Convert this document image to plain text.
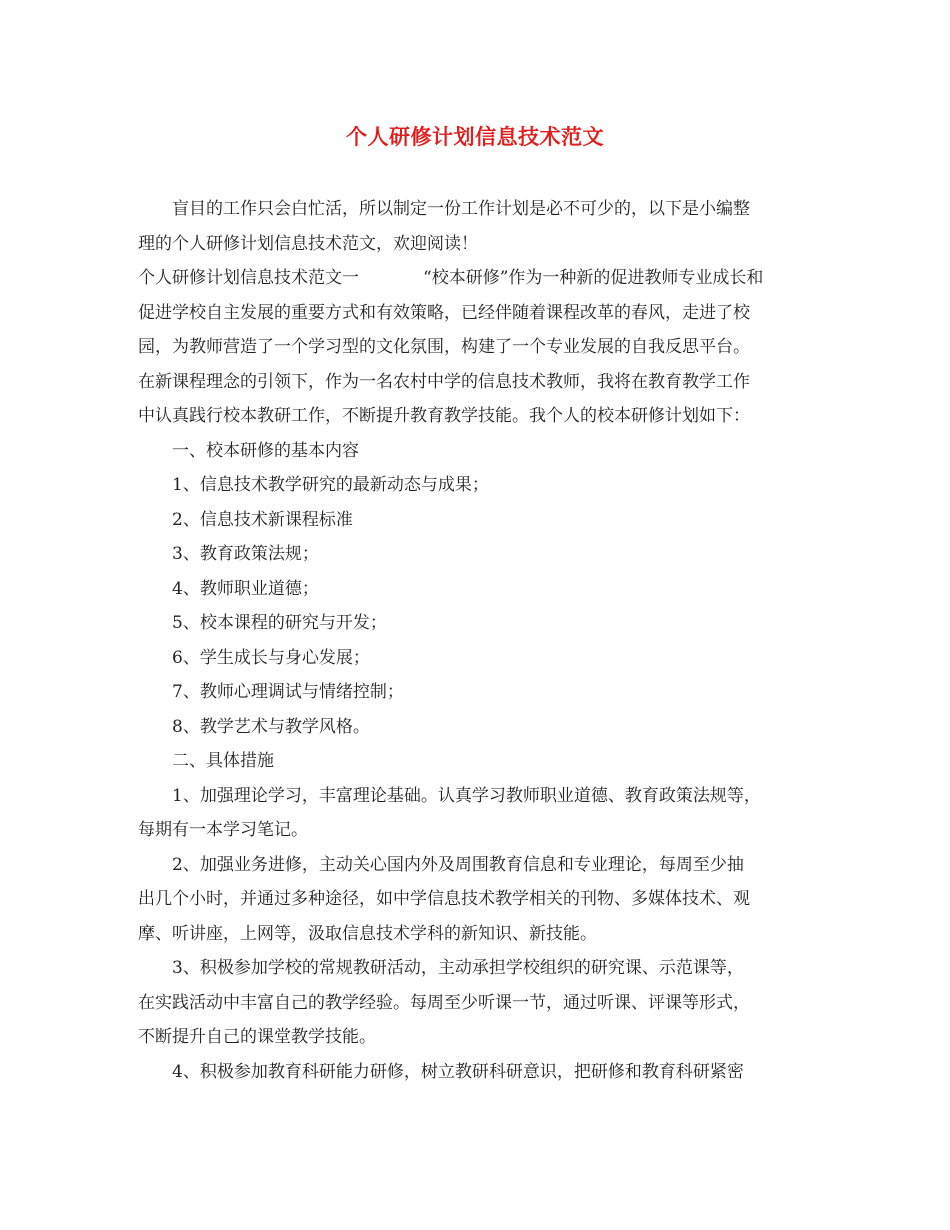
个人研修计划信息技术范文

盲目的工作只会白忙活，所以制定一份工作计划是必不可少的，以下是小编整

理的个人研修计划信息技术范文，欢迎阅读！

个人研修计划信息技术范文一	“校本研修”作为一种新的促进教师专业成长和

促进学校自主发展的重要方式和有效策略，已经伴随着课程改革的春风，走进了校

园，为教师营造了一个学习型的文化氛围，构建了一个专业发展的自我反思平台。

在新课程理念的引领下，作为一名农村中学的信息技术教师，我将在教育教学工作

中认真践行校本教研工作，不断提升教育教学技能。我个人的校本研修计划如下：

一、校本研修的基本内容

1、信息技术教学研究的最新动态与成果；

2、信息技术新课程标准

3、教育政策法规；

4、教师职业道德；

5、校本课程的研究与开发；

6、学生成长与身心发展；

7、教师心理调试与情绪控制；

8、教学艺术与教学风格。

二、具体措施

1、加强理论学习，丰富理论基础。认真学习教师职业道德、教育政策法规等，

每期有一本学习笔记。

2、加强业务进修，主动关心国内外及周围教育信息和专业理论，每周至少抽

出几个小时，并通过多种途径，如中学信息技术教学相关的刊物、多媒体技术、观

摩、听讲座，上网等，汲取信息技术学科的新知识、新技能。

3、积极参加学校的常规教研活动，主动承担学校组织的研究课、示范课等，

在实践活动中丰富自己的教学经验。每周至少听课一节，通过听课、评课等形式，

不断提升自己的课堂教学技能。

4、积极参加教育科研能力研修，树立教研科研意识，把研修和教育科研紧密
